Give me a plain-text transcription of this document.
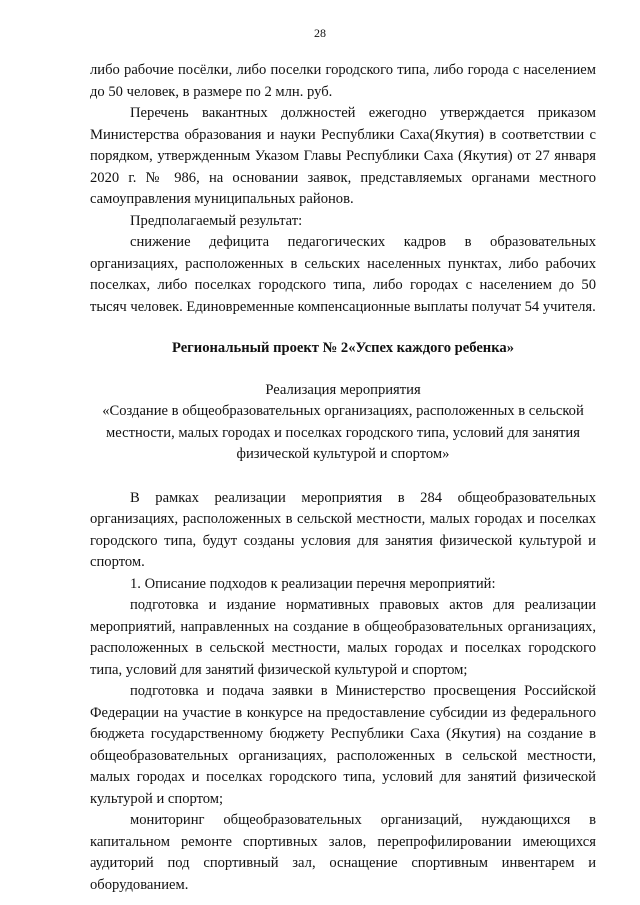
28

либо рабочие посёлки, либо поселки городского типа, либо города с населением до 50 человек, в размере по 2 млн. руб.

Перечень вакантных должностей ежегодно утверждается приказом Министерства образования и науки Республики Саха(Якутия) в соответствии с порядком, утвержденным Указом Главы Республики Саха (Якутия) от 27 января 2020 г. № 986, на основании заявок, представляемых органами местного самоуправления муниципальных районов.

Предполагаемый результат:

снижение дефицита педагогических кадров в образовательных организациях, расположенных в сельских населенных пунктах, либо рабочих поселках, либо поселках городского типа, либо городах с населением до 50 тысяч человек. Единовременные компенсационные выплаты получат 54 учителя.

Региональный проект № 2«Успех каждого ребенка»

Реализация мероприятия

«Создание в общеобразовательных организациях, расположенных в сельской местности, малых городах и поселках городского типа, условий для занятия физической культурой и спортом»

В рамках реализации мероприятия в 284 общеобразовательных организациях, расположенных в сельской местности, малых городах и поселках городского типа, будут созданы условия для занятия физической культурой и спортом.

1. Описание подходов к реализации перечня мероприятий:

подготовка и издание нормативных правовых актов для реализации мероприятий, направленных на создание в общеобразовательных организациях, расположенных в сельской местности, малых городах и поселках городского типа, условий для занятий физической культурой и спортом;

подготовка и подача заявки в Министерство просвещения Российской Федерации на участие в конкурсе на предоставление субсидии из федерального бюджета государственному бюджету Республики Саха (Якутия) на создание в общеобразовательных организациях, расположенных в сельской местности, малых городах и поселках городского типа, условий для занятий физической культурой и спортом;

мониторинг общеобразовательных организаций, нуждающихся в капитальном ремонте спортивных залов, перепрофилировании имеющихся аудиторий под спортивный зал, оснащение спортивным инвентарем и оборудованием.
